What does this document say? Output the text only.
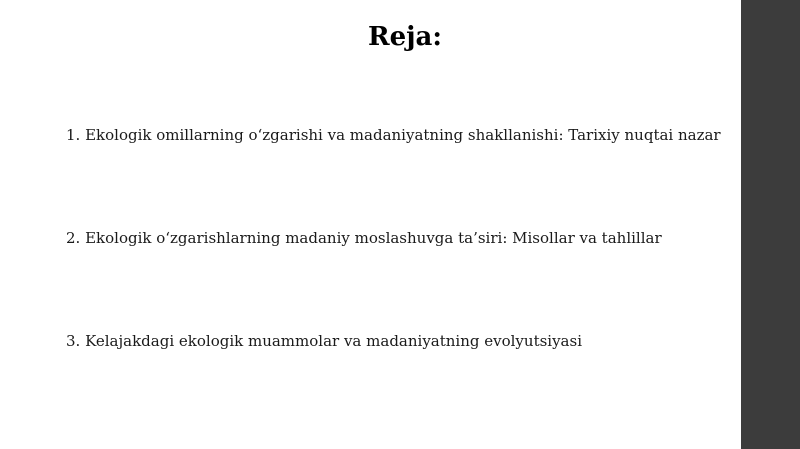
Reja:
1. Ekologik omillarning o‘zgarishi va madaniyatning shakllanishi: Tarixiy nuqtai nazar
2. Ekologik o‘zgarishlarning madaniy moslashuvga ta’siri: Misollar va tahlillar
3. Kelajakdagi ekologik muammolar va madaniyatning evolyutsiyasi
